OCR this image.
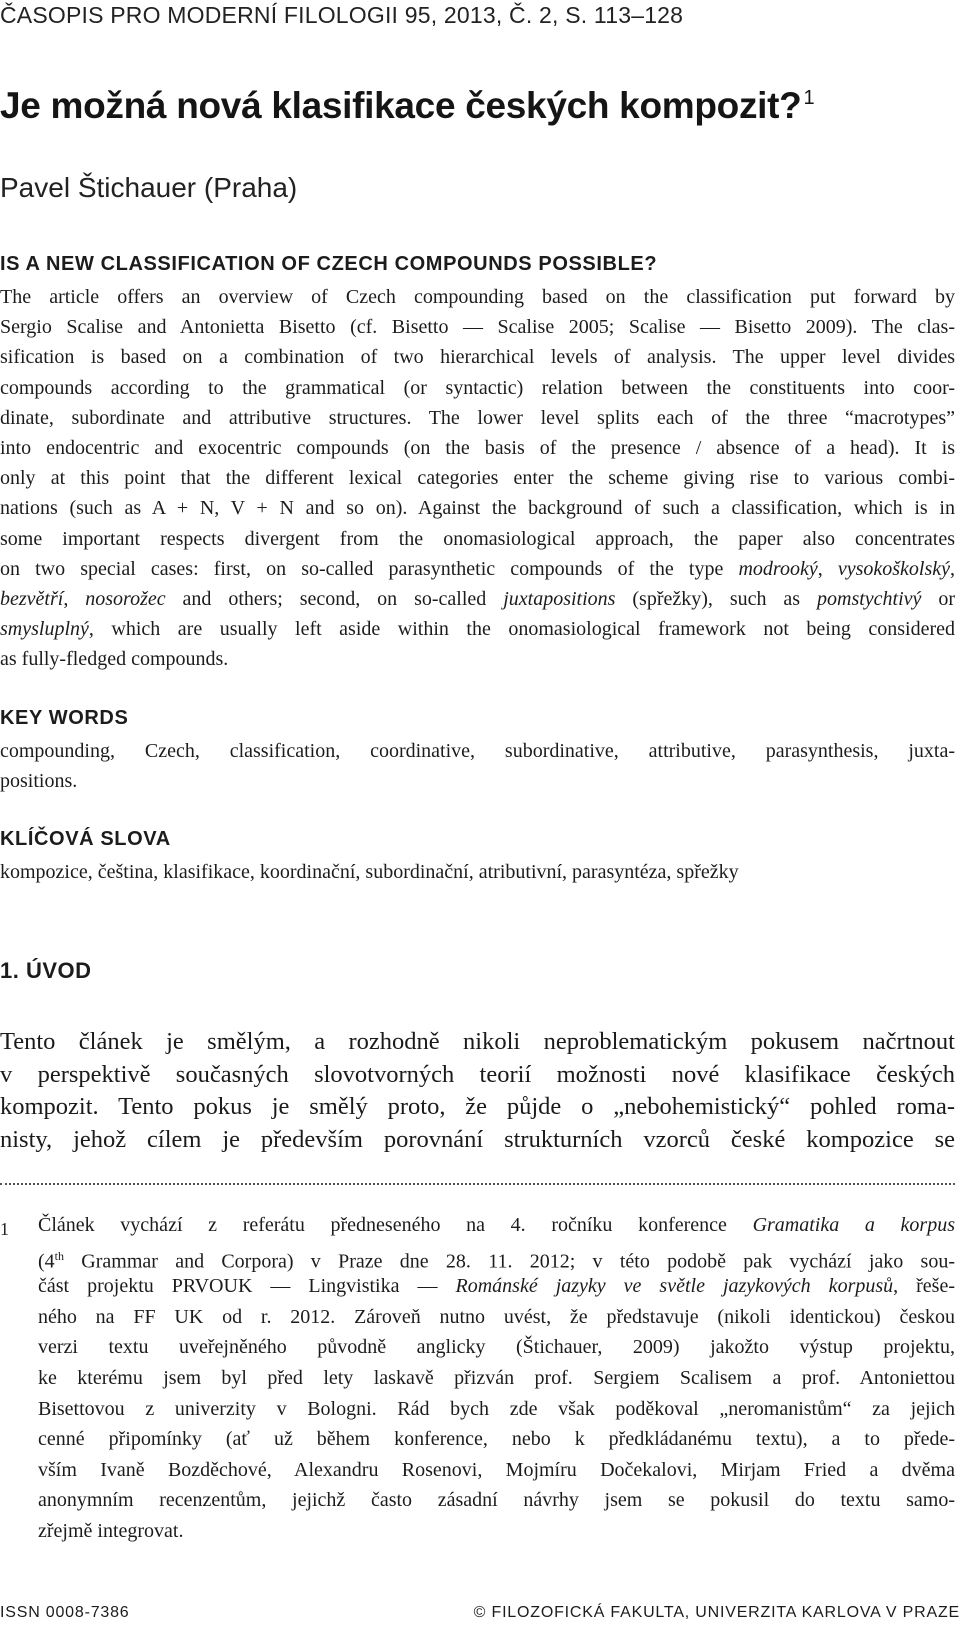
ČASOPIS PRO MODERNÍ FILOLOGII 95, 2013, Č. 2, S. 113–128
Je možná nová klasifikace českých kompozit? $^1$
Pavel Štichauer (Praha)
IS A NEW CLASSIFICATION OF CZECH COMPOUNDS POSSIBLE?
The article offers an overview of Czech compounding based on the classification put forward by
Sergio Scalise and Antonietta Bisetto (cf. Bisetto — Scalise 2005; Scalise — Bisetto 2009). The clas-
sification is based on a combination of two hierarchical levels of analysis. The upper level divides
compounds according to the grammatical (or syntactic) relation between the constituents into coor-
dinate, subordinate and attributive structures. The lower level splits each of the three “macrotypes”
into endocentric and exocentric compounds (on the basis of the presence / absence of a head). It is
only at this point that the different lexical categories enter the scheme giving rise to various combi-
nations (such as A + N, V + N and so on). Against the background of such a classification, which is in
some important respects divergent from the onomasiological approach, the paper also concentrates
on two special cases: first, on so-called parasynthetic compounds of the type modrooký, vysokoškolský,
bezvětří, nosorožec and others; second, on so-called juxtapositions (spřežky), such as pomstychtivý or
smysluplný, which are usually left aside within the onomasiological framework not being considered
as fully-fledged compounds.
KEY WORDS
compounding, Czech, classification, coordinative, subordinative, attributive, parasynthesis, juxta-
positions.
KLÍČOVÁ SLOVA
kompozice, čeština, klasifikace, koordinační, subordinační, atributivní, parasyntéza, spřežky
1. ÚVOD
Tento článek je smělým, a rozhodně nikoli neproblematickým pokusem načrtnout
v perspektivě současných slovotvorných teorií možnosti nové klasifikace českých
kompozit. Tento pokus je smělý proto, že půjde o „nebohemistický“ pohled roma-
nisty, jehož cílem je především porovnání strukturních vzorců české kompozice se
1 Článek vychází z referátu předneseného na 4. ročníku konference Gramatika a korpus
(4th Grammar and Corpora) v Praze dne 28. 11. 2012; v této podobě pak vychází jako sou-
část projektu PRVOUK — Lingvistika — Románské jazyky ve světle jazykových korpusů, řeše-
ného na FF UK od r. 2012. Zároveň nutno uvést, že představuje (nikoli identickou) českou
verzi textu uveřejněného původně anglicky (Štichauer, 2009) jakožto výstup projektu,
ke kterému jsem byl před lety laskavě přizván prof. Sergiem Scalisem a prof. Antoniettou
Bisettovou z univerzity v Bologni. Rád bych zde však poděkoval „neromanistům“ za jejich
cenné připomínky (ať už během konference, nebo k předkládanému textu), a to přede-
vším Ivaně Bozděchové, Alexandru Rosenovi, Mojmíru Dočekalovi, Mirjam Fried a dvěma
anonymním recenzentům, jejichž často zásadní návrhy jsem se pokusil do textu samo-
zřejmě integrovat.
ISSN 0008-7386	© FILOZOFICKÁ FAKULTA, UNIVERZITA KARLOVA V PRAZE
